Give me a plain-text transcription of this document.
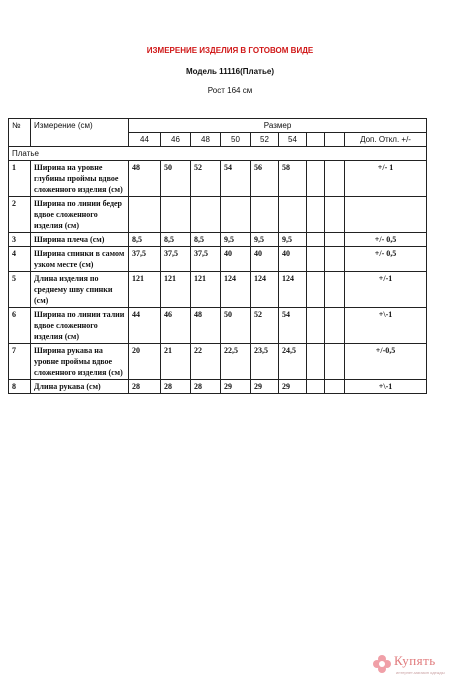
ИЗМЕРЕНИЕ ИЗДЕЛИЯ В ГОТОВОМ ВИДЕ
Модель 11116(Платье)
Рост 164 см
№	Измерение (см)	Размер								
		44	46	48	50	52	54			Доп. Откл. +/-
Платье										
1	Ширина на уровне глубины проймы вдвое сложенного изделия (см)	48	50	52	54	56	58			+/- 1
2	Ширина по линии бедер вдвое сложенного изделия (см)									
3	Ширина плеча (см)	8,5	8,5	8,5	9,5	9,5	9,5			+/- 0,5
4	Ширина спинки в самом узком месте (см)	37,5	37,5	37,5	40	40	40			+/- 0,5
5	Длина изделия по среднему шву спинки (см)	121	121	121	124	124	124			+/-1
6	Ширина по линии талии вдвое сложенного изделия (см)	44	46	48	50	52	54			+\-1
7	Ширина рукава на уровне проймы вдвое сложенного изделия (см)	20	21	22	22,5	23,5	24,5			+/-0,5
8	Длина рукава (см)	28	28	28	29	29	29			+\-1
Купять
интернет-магазин одежды
